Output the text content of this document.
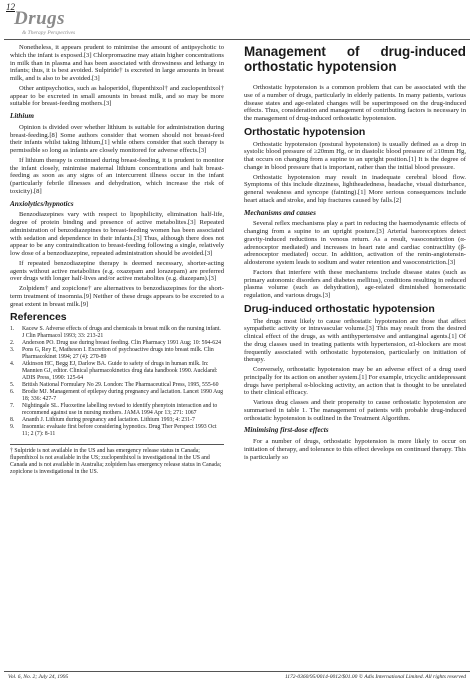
12
Drugs
& Therapy Perspectives

Nonetheless, it appears prudent to minimise the amount of antipsychotic to which the infant is exposed.[3] Chlorpromazine may attain higher concentrations in milk than in plasma and has been associated with drowsiness and lethargy in infants; thus, it is best avoided. Sulpiride† is excreted in large amounts in breast milk, and is also to be avoided.[3]

Other antipsychotics, such as haloperidol, flupenthixol† and zuclopenthixol† appear to be excreted in small amounts in breast milk, and so may be more suitable for breast-feeding mothers.[3]

Lithium

Opinion is divided over whether lithium is suitable for administration during breast-feeding.[8] Some authors consider that women should not breast-feed their infants whilst taking lithium,[1] while others consider that such therapy is permissible so long as infants are closely monitored for adverse effects.[3]

If lithium therapy is continued during breast-feeding, it is prudent to monitor the infant closely, minimise maternal lithium concentrations and halt breast-feeding as soon as any signs of an intercurrent illness occur in the infant (particularly febrile illnesses and dehydration, which increase the risk of toxicity).[8]

Anxiolytics/hypnotics

Benzodiazepines vary with respect to lipophilicity, elimination half-life, degree of protein binding and presence of active metabolites.[3] Repeated administration of benzodiazepines to breast-feeding women has been associated with sedation and dependence in their infants.[3] Thus, although there does not appear to be any contraindication to breast-feeding following a single, relatively low dose of a benzodiazepine, repeated administration should be avoided.[3]

If repeated benzodiazepine therapy is deemed necessary, shorter-acting agents without active metabolites (e.g. oxazepam and lorazepam) are preferred over drugs with longer half-lives and/or active metabolites (e.g. diazepam).[3]

Zolpidem† and zopiclone† are alternatives to benzodiazepines for the short-term treatment of insomnia.[9] Neither of these drugs appears to be excreted to a great extent in breast milk.[9]

References
1. Kacew S. Adverse effects of drugs and chemicals in breast milk on the nursing infant. J Clin Pharmacol 1993; 33: 213-21
2. Anderson PO. Drug use during breast feeding. Clin Pharmacy 1991 Aug; 10: 594-624
3. Pons G, Rey E, Matheson I. Excretion of psychoactive drugs into breast milk. Clin Pharmacokinet 1994; 27 (4): 270-89
4. Atkinson HC, Begg EJ, Darlow BA. Guide to safety of drugs in human milk. In: Mannien GJ, editor. Clinical pharmacokinetics drug data handbook 1990. Auckland: ADIS Press, 1990: 125-64
5. British National Formulary No 29. London: The Pharmaceutical Press, 1995, 555-60
6. Brodie MJ. Management of epilepsy during pregnancy and lactation. Lancet 1990 Aug 18; 336: 427-7
7. Nightingale SL. Fluoxetine labelling revised to identify phenytoin interaction and to recommend against use in nursing mothers. JAMA 1994 Apr 13; 271: 1067
8. Ananth J. Lithium during pregnancy and lactation. Lithium 1993; 4: 231-7
9. Insomnia: evaluate first before considering hypnotics. Drug Ther Perspect 1993 Oct 11; 2 (7): 8-11
† Sulpiride is not available in the US and has emergency release status in Canada; flupenthixol is not available in the US; zuclopenthixol is investigational in the US and Canada and is not available in Australia; zolpidem has emergency release status in Canada; zopiclone is investigational in the US.
Management of drug-induced orthostatic hypotension

Orthostatic hypotension is a common problem that can be associated with the use of a number of drugs, particularly in elderly patients. In many patients, various disease states and age-related changes will be superimposed on the drug-induced effects. Thus, consideration and management of contributing factors is necessary in the management of drug-induced orthostatic hypotension.

Orthostatic hypotension

Orthostatic hypotension (postural hypotension) is usually defined as a drop in systolic blood pressure of ≥20mm Hg, or in diastolic blood pressure of ≥10mm Hg, that occurs on changing from a supine to an upright position.[1] It is the degree of change in blood pressure that is important, rather than the initial blood pressure.

Orthostatic hypotension may result in inadequate cerebral blood flow. Symptoms of this include dizziness, lightheadedness, headache, visual disturbance, general weakness and syncope (fainting).[1] More serious consequences include heart attack and stroke, and hip fractures caused by falls.[2]

Mechanisms and causes

Several reflex mechanisms play a part in reducing the haemodynamic effects of changing from a supine to an upright posture.[3] Arterial baroreceptors detect gravity-induced reductions in venous return. As a result, vasoconstriction (α-adrenoceptor mediated) and increases in heart rate and cardiac contractility (β-adrenoceptor mediated) occur. In addition, activation of the renin-angiotensin-aldosterone system leads to sodium and water retention and vasoconstriction.[3]

Factors that interfere with these mechanisms include disease states (such as primary autonomic disorders and diabetes mellitus), conditions resulting in reduced plasma volume (such as dehydration), age-related diminished homeostatic regulation, and various drugs.[3]

Drug-induced orthostatic hypotension

The drugs most likely to cause orthostatic hypotension are those that affect sympathetic activity or intravascular volume.[3] This may result from the desired clinical effect of the drugs, as with antihypertensive and antianginal agents.[1] Of the drug classes used in treating patients with hypertension, α1-blockers are most frequently associated with orthostatic hypotension, particularly on initiation of therapy.

Conversely, orthostatic hypotension may be an adverse effect of a drug used principally for its action on another system.[1] For example, tricyclic antidepressant drugs have peripheral α-blocking activity, an action that is thought to be unrelated to their clinical efficacy.

Various drug classes and their propensity to cause orthostatic hypotension are summarised in table 1. The management of patients with probable drug-induced orthostatic hypotension is outlined in the Treatment Algorithm.

Minimising first-dose effects

For a number of drugs, orthostatic hypotension is more likely to occur on initiation of therapy, and tolerance to this effect develops on continued therapy. This is particularly so

Vol. 6, No. 2; July 24, 1995	1172-0360/95/0014-0012/$01.00 © Adis International Limited. All rights reserved
